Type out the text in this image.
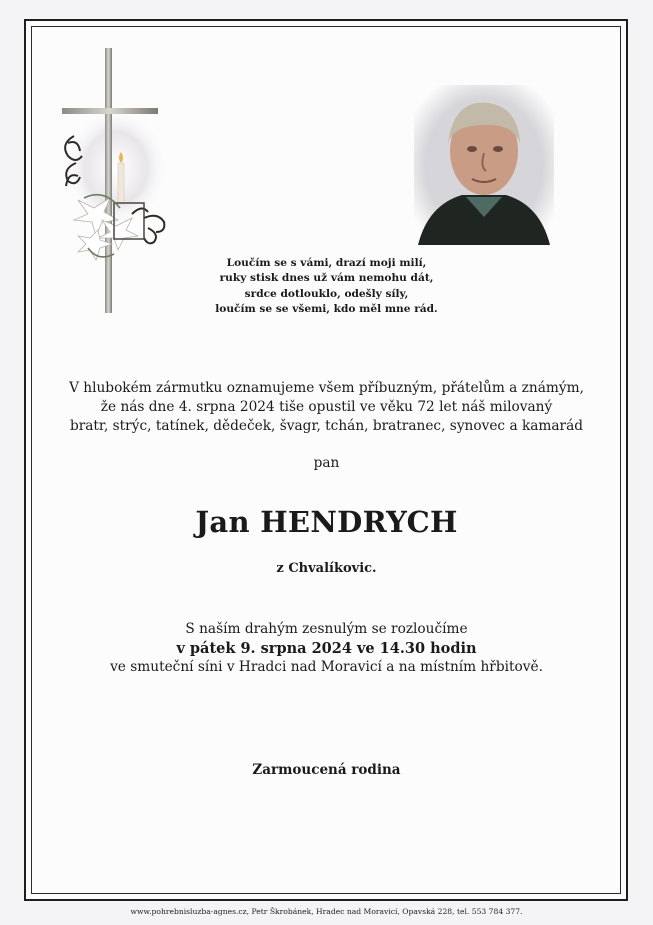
Loučím se s vámi, drazí moji milí,
ruky stisk dnes už vám nemohu dát,
srdce dotlouklo, odešly síly,
loučím se se všemi, kdo měl mne rád.
V hlubokém zármutku oznamujeme všem příbuzným, přátelům a známým,
že nás dne 4. srpna 2024 tiše opustil ve věku 72 let náš milovaný
bratr, strýc, tatínek, dědeček, švagr, tchán, bratranec, synovec a kamarád
pan
Jan HENDRYCH
z Chvalíkovic.
S naším drahým zesnulým se rozloučíme
v pátek 9. srpna 2024 ve 14.30 hodin
ve smuteční síni v Hradci nad Moravicí a na místním hřbitově.
Zarmoucená rodina
www.pohrebnisluzba-agnes.cz, Petr Škrobánek, Hradec nad Moravicí, Opavská 228, tel. 553 784 377.
